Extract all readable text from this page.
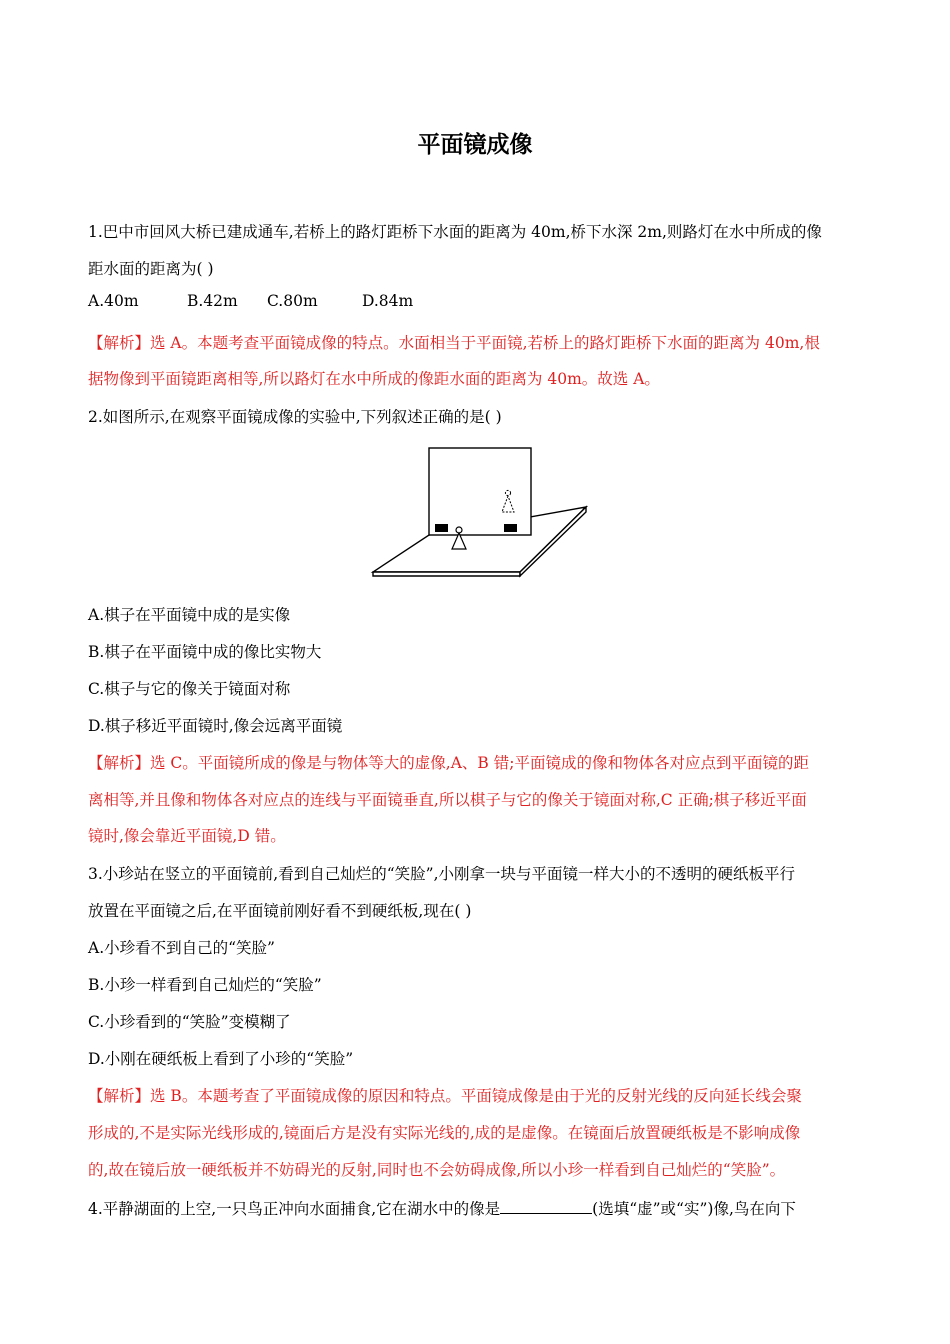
平面镜成像
1.巴中市回风大桥已建成通车,若桥上的路灯距桥下水面的距离为 40m,桥下水深 2m,则路灯在水中所成的像
距水面的距离为( )
A.40m	B.42m C.80m	D.84m
【解析】选 A。本题考查平面镜成像的特点。水面相当于平面镜,若桥上的路灯距桥下水面的距离为 40m,根
据物像到平面镜距离相等,所以路灯在水中所成的像距水面的距离为 40m。故选 A。
2.如图所示,在观察平面镜成像的实验中,下列叙述正确的是( )
A.棋子在平面镜中成的是实像
B.棋子在平面镜中成的像比实物大
C.棋子与它的像关于镜面对称
D.棋子移近平面镜时,像会远离平面镜
【解析】选 C。平面镜所成的像是与物体等大的虚像,A、B 错;平面镜成的像和物体各对应点到平面镜的距
离相等,并且像和物体各对应点的连线与平面镜垂直,所以棋子与它的像关于镜面对称,C 正确;棋子移近平面
镜时,像会靠近平面镜,D 错。
3.小珍站在竖立的平面镜前,看到自己灿烂的“笑脸”,小刚拿一块与平面镜一样大小的不透明的硬纸板平行
放置在平面镜之后,在平面镜前刚好看不到硬纸板,现在( )
A.小珍看不到自己的“笑脸”
B.小珍一样看到自己灿烂的“笑脸”
C.小珍看到的“笑脸”变模糊了
D.小刚在硬纸板上看到了小珍的“笑脸”
【解析】选 B。本题考查了平面镜成像的原因和特点。平面镜成像是由于光的反射光线的反向延长线会聚
形成的,不是实际光线形成的,镜面后方是没有实际光线的,成的是虚像。在镜面后放置硬纸板是不影响成像
的,故在镜后放一硬纸板并不妨碍光的反射,同时也不会妨碍成像,所以小珍一样看到自己灿烂的“笑脸”。
4.平静湖面的上空,一只鸟正冲向水面捕食,它在湖水中的像是	(选填“虚”或“实”)像,鸟在向下
